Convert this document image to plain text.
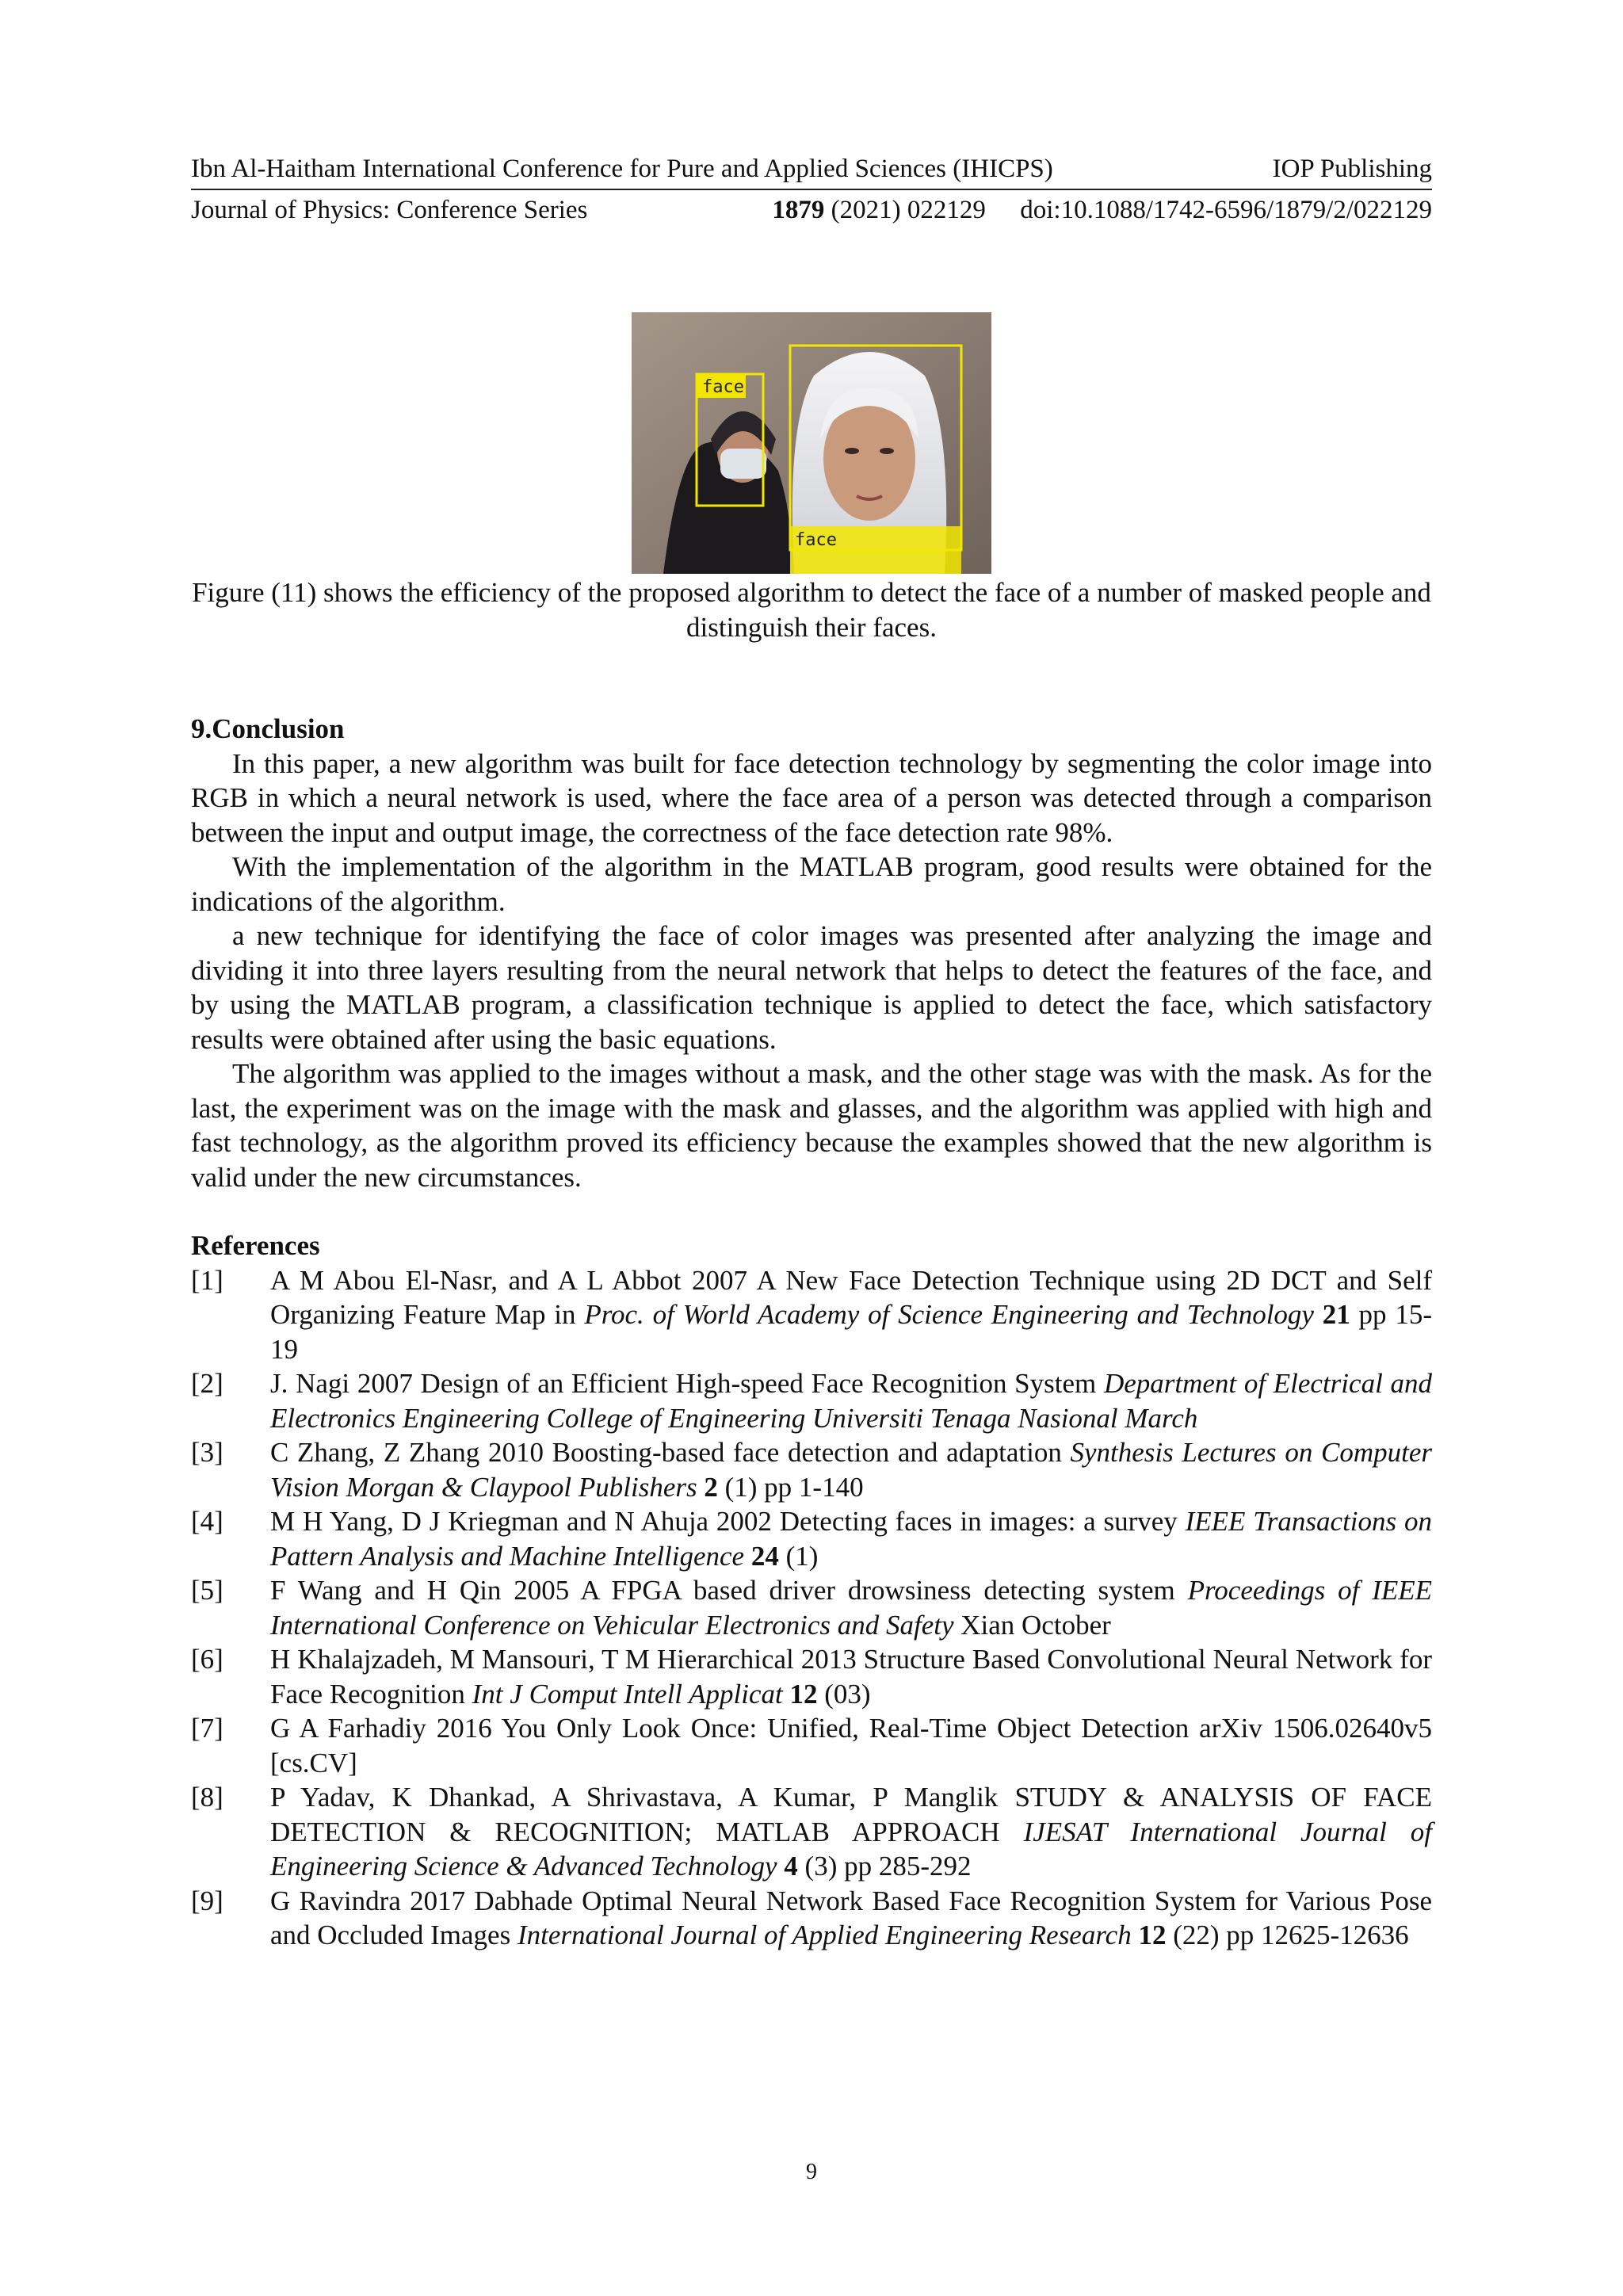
Ibn Al-Haitham International Conference for Pure and Applied Sciences (IHICPS)	IOP Publishing
Journal of Physics: Conference Series	1879 (2021) 022129 doi:10.1088/1742-6596/1879/2/022129
face
face
Figure (11) shows the efficiency of the proposed algorithm to detect the face of a number of masked people and distinguish their faces.
9.Conclusion

In this paper, a new algorithm was built for face detection technology by segmenting the color image into RGB in which a neural network is used, where the face area of a person was detected through a comparison between the input and output image, the correctness of the face detection rate 98%.

With the implementation of the algorithm in the MATLAB program, good results were obtained for the indications of the algorithm.

a new technique for identifying the face of color images was presented after analyzing the image and dividing it into three layers resulting from the neural network that helps to detect the features of the face, and by using the MATLAB program, a classification technique is applied to detect the face, which satisfactory results were obtained after using the basic equations.

The algorithm was applied to the images without a mask, and the other stage was with the mask. As for the last, the experiment was on the image with the mask and glasses, and the algorithm was applied with high and fast technology, as the algorithm proved its efficiency because the examples showed that the new algorithm is valid under the new circumstances.

References
[1]	A M Abou El-Nasr, and A L Abbot 2007 A New Face Detection Technique using 2D DCT and Self Organizing Feature Map in Proc. of World Academy of Science Engineering and Technology 21 pp 15-19
[2]	J. Nagi 2007 Design of an Efficient High-speed Face Recognition System Department of Electrical and Electronics Engineering College of Engineering Universiti Tenaga Nasional March
[3]	C Zhang, Z Zhang 2010 Boosting-based face detection and adaptation Synthesis Lectures on Computer Vision Morgan & Claypool Publishers 2 (1) pp 1-140
[4]	M H Yang, D J Kriegman and N Ahuja 2002 Detecting faces in images: a survey IEEE Transactions on Pattern Analysis and Machine Intelligence 24 (1)
[5]	F Wang and H Qin 2005 A FPGA based driver drowsiness detecting system Proceedings of IEEE International Conference on Vehicular Electronics and Safety Xian October
[6]	H Khalajzadeh, M Mansouri, T M Hierarchical 2013 Structure Based Convolutional Neural Network for Face Recognition Int J Comput Intell Applicat 12 (03)
[7]	G A Farhadiy 2016 You Only Look Once: Unified, Real-Time Object Detection arXiv 1506.02640v5 [cs.CV]
[8]	P Yadav, K Dhankad, A Shrivastava, A Kumar, P Manglik STUDY & ANALYSIS OF FACE DETECTION & RECOGNITION; MATLAB APPROACH IJESAT International Journal of Engineering Science & Advanced Technology 4 (3) pp 285-292
[9]	G Ravindra 2017 Dabhade Optimal Neural Network Based Face Recognition System for Various Pose and Occluded Images International Journal of Applied Engineering Research 12 (22) pp 12625-12636
9
